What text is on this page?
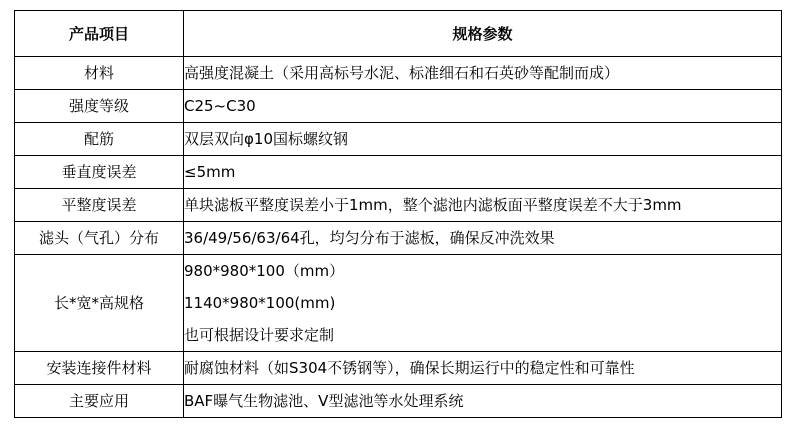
产品项目	规格参数
材料	高强度混凝土（采用高标号水泥、标准细石和石英砂等配制而成）
强度等级	C25~C30
配筋	双层双向φ10国标螺纹钢
垂直度误差	≤5mm
平整度误差	单块滤板平整度误差小于1mm，整个滤池内滤板面平整度误差不大于3mm
滤头（气孔）分布	36/49/56/63/64孔，均匀分布于滤板，确保反冲洗效果
长*宽*高规格	980*980*100（mm）
1140*980*100(mm)
也可根据设计要求定制

安装连接件材料	耐腐蚀材料（如S304不锈钢等），确保长期运行中的稳定性和可靠性
主要应用	BAF曝气生物滤池、V型滤池等水处理系统
